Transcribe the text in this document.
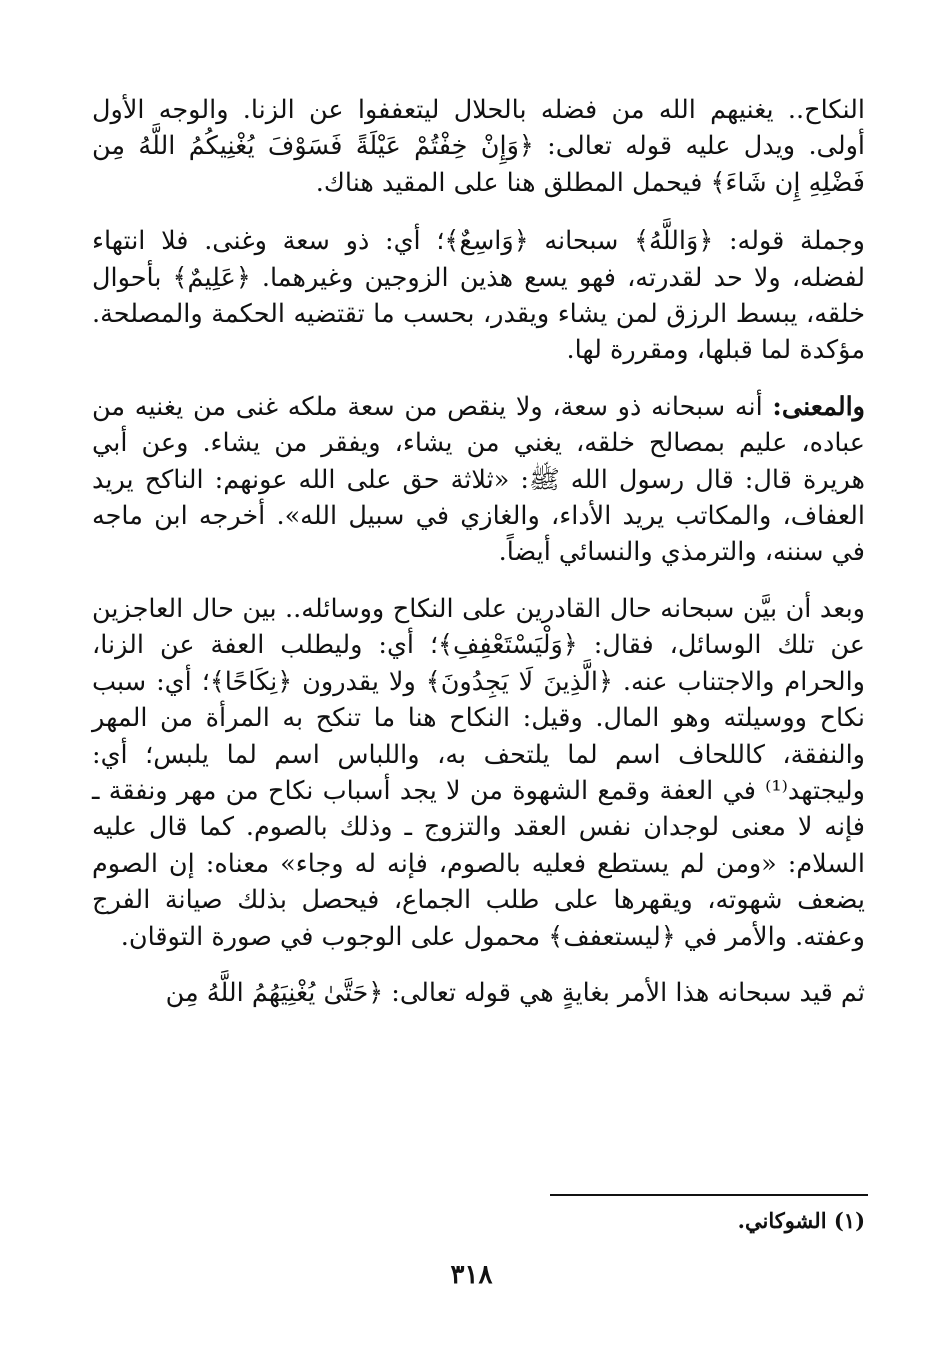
النكاح.. يغنيهم الله من فضله بالحلال ليتعففوا عن الزنا. والوجه الأول أولى. ويدل عليه قوله تعالى: ﴿وَإِنْ خِفْتُمْ عَيْلَةً فَسَوْفَ يُغْنِيكُمُ اللَّهُ مِن فَضْلِهِ إِن شَاءَ﴾ فيحمل المطلق هنا على المقيد هناك.

وجملة قوله: ﴿وَاللَّهُ﴾ سبحانه ﴿وَاسِعٌ﴾؛ أي: ذو سعة وغنى. فلا انتهاء لفضله، ولا حد لقدرته، فهو يسع هذين الزوجين وغيرهما. ﴿عَلِيمٌ﴾ بأحوال خلقه، يبسط الرزق لمن يشاء ويقدر، بحسب ما تقتضيه الحكمة والمصلحة. مؤكدة لما قبلها، ومقررة لها.

والمعنى: أنه سبحانه ذو سعة، ولا ينقص من سعة ملكه غنى من يغنيه من عباده، عليم بمصالح خلقه، يغني من يشاء، ويفقر من يشاء. وعن أبي هريرة قال: قال رسول الله ﷺ: «ثلاثة حق على الله عونهم: الناكح يريد العفاف، والمكاتب يريد الأداء، والغازي في سبيل الله». أخرجه ابن ماجه في سننه، والترمذي والنسائي أيضاً.

وبعد أن بيَّن سبحانه حال القادرين على النكاح ووسائله.. بين حال العاجزين عن تلك الوسائل، فقال: ﴿وَلْيَسْتَعْفِفِ﴾؛ أي: وليطلب العفة عن الزنا، والحرام والاجتناب عنه. ﴿الَّذِينَ لَا يَجِدُونَ﴾ ولا يقدرون ﴿نِكَاحًا﴾؛ أي: سبب نكاح ووسيلته وهو المال. وقيل: النكاح هنا ما تنكح به المرأة من المهر والنفقة، كاللحاف اسم لما يلتحف به، واللباس اسم لما يلبس؛ أي: وليجتهد⁽¹⁾ في العفة وقمع الشهوة من لا يجد أسباب نكاح من مهر ونفقة ـ فإنه لا معنى لوجدان نفس العقد والتزوج ـ وذلك بالصوم. كما قال عليه السلام: «ومن لم يستطع فعليه بالصوم، فإنه له وجاء» معناه: إن الصوم يضعف شهوته، ويقهرها على طلب الجماع، فيحصل بذلك صيانة الفرج وعفته. والأمر في ﴿ليستعفف﴾ محمول على الوجوب في صورة التوقان.

ثم قيد سبحانه هذا الأمر بغايةٍ هي قوله تعالى: ﴿حَتَّىٰ يُغْنِيَهُمُ اللَّهُ مِن

(١) الشوكاني.
٣١٨
